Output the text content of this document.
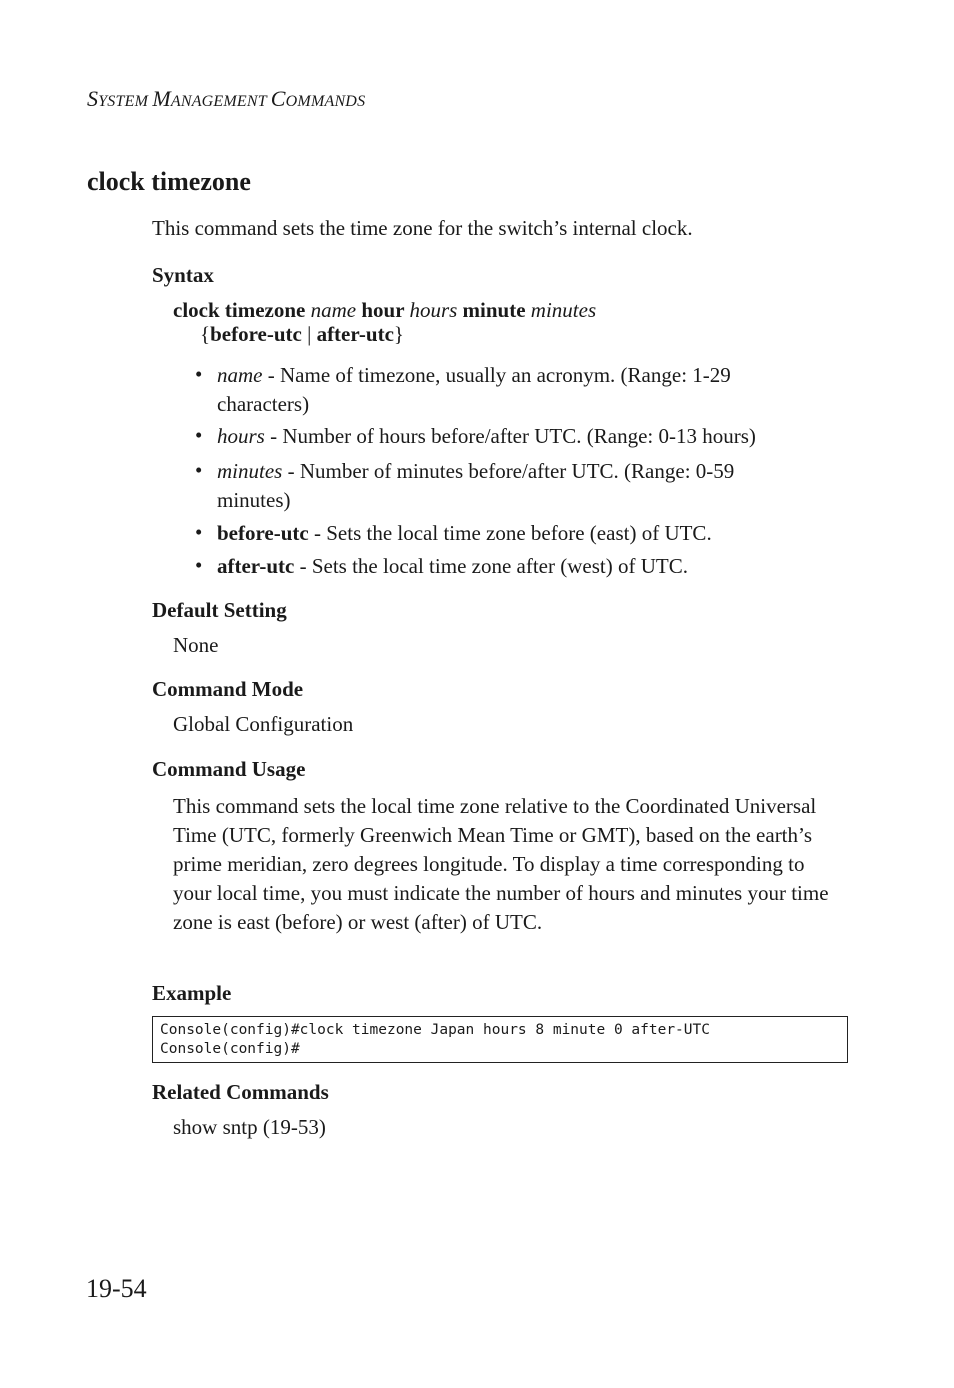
SYSTEM MANAGEMENT COMMANDS
clock timezone
This command sets the time zone for the switch’s internal clock.
Syntax
clock timezone name hour hours minute minutes
{before-utc | after-utc}
• name - Name of timezone, usually an acronym. (Range: 1-29
characters)
• hours - Number of hours before/after UTC. (Range: 0-13 hours)
• minutes - Number of minutes before/after UTC. (Range: 0-59
minutes)
• before-utc - Sets the local time zone before (east) of UTC.
• after-utc - Sets the local time zone after (west) of UTC.
Default Setting
None
Command Mode
Global Configuration
Command Usage
This command sets the local time zone relative to the Coordinated Universal Time (UTC, formerly Greenwich Mean Time or GMT), based on the earth’s prime meridian, zero degrees longitude. To display a time corresponding to your local time, you must indicate the number of hours and minutes your time zone is east (before) or west (after) of UTC.
Example
Console(config)#clock timezone Japan hours 8 minute 0 after-UTC
Console(config)#
Related Commands
show sntp (19-53)
19-54
